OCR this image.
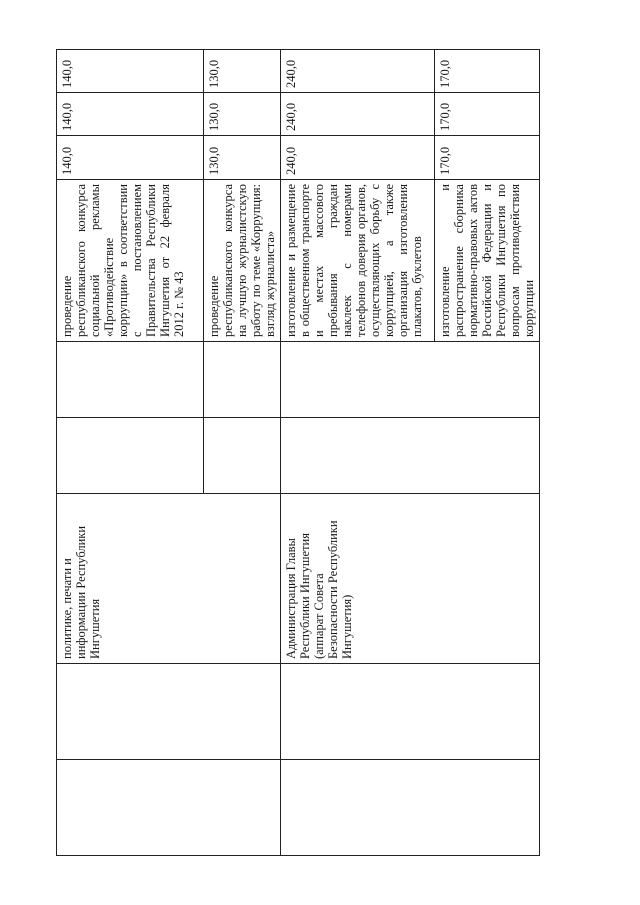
		политике, печати и информации Республики Ингушетия			проведение республиканского конкурса социальной рекламы «Противодействие коррупции» в соответствии с постановлением Правительства Республики Ингушетия от 22 февраля 2012 г. № 43	140,0	140,0	140,0
					проведение республиканского конкурса на лучшую журналистскую работу по теме «Коррупция: взгляд журналиста»	130,0	130,0	130,0
		Администрация Главы Республики Ингушетия (аппарат Совета Безопасности Республики Ингушетия)			изготовление и размещение в общественном транспорте и местах массового пребывания граждан наклеек с номерами телефонов доверия органов, осуществляющих борьбу с коррупцией, а также организация изготовления плакатов, буклетов	240,0	240,0	240,0
					изготовление и распространение сборника нормативно-правовых актов Российской Федерации и Республики Ингушетия по вопросам противодействия коррупции	170,0	170,0	170,0
